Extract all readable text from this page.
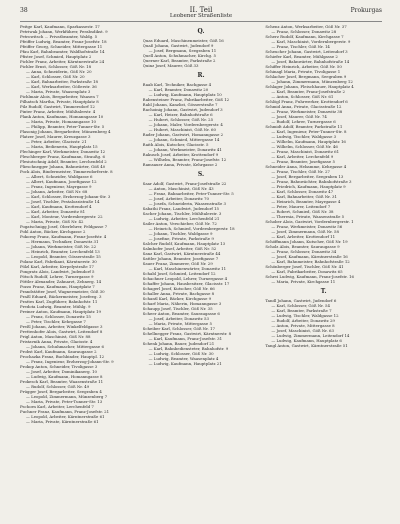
38	II. Teil
Leobener Straßenliste
Prokurgas
Peitge Karl, Kaufmann, Sparkassestr. 17
Petriwak Johann, Werkführer, Perabsdikst. 9
Petrowitsch ... Privatbeamter, Waldg. 5
Pfeiffer Ludwig, Beamter, Franz-Josefstr. 18
Pfeiffer Georg, Schneider, Mittergasse 11
Pfau Karl, Bahnbeamter, Waldhofstraße 14
Pfister Josef, Schmied, Hauptplatz 2
Pichler Franz, Arbeiter, Kärntnerstraße 24
Pichler Ernst, Schlosser, Göß Nr. 18
— Anna, Schneiderin, Göß Nr. 20
— Karl, Schlosser, Göß Nr. 20
— Karl, Bahnarbeiter, Parkstraße 18
— Karl, Werksarbeiter, Gößerstr. 36
— Maria, Private, Waasenplatz 3
Pichlmair Alois, Bergarbeiter, Waasen 7
Pilhatsch Martha, Private, Hauptplatz 8
Pilz Rudolf, Gastwirt, Timmersdorf 12
Pinter Franz, Arbeiter, Mühltalerstr. 4
Plank Anton, Kaufmann, Homanngasse 10
— Maria, Private, Homanngasse 10
— Philipp, Beamter, Peter-Tunner-Str. 5
Plasonig Johann, Bergarbeiter, Münzenberg 4
Platzer Josef, Maurer, Kreuzgasse 3
— Peter, Arbeiter, Glacisstr. 21
— Maria, Bedienerin, Hauptplatz 15
Plechinger Karl, Werkmeister, Donawitz 12
Pleschberger Franz, Kaufmann, Straußg. 6
Plesiutschnig Adolf, Beamter, Lerchenfeld 2
Plieschnegger Johann, Bahnwärter, Göß 40
Pock Alois, Bindermeister, Timmersdorferstr. 8
— Albert, Schneider, Waldgasse 6
— Albert, Kaufmann, Josefigasse 12
— Franz, Ingenieur, Mayrgasse 9
— Johann, Arbeiter, Göß Nr. 68
— Karl, Schlosser, Erzherzog-Johann-Str. 3
— Josef, Tischler, Pestalozzistraße 14
— Karl, Kaufmann, Krottendorf 4
— Karl, Arbeiter, Donawitz 81
— Karl, Monteur, Vordernbergerstr. 22
— Maria, Private, Göß Nr. 42
Pogatschnigg Josef, Oberlehrer, Feldgasse 7
Pohl Anton, Bäcker, Kirchgasse 2
Pokorny Franz, Kaufmann, Franz-Josefstr. 4
— Hermann, Techniker, Donawitz 31
— Johann, Werkmeister, Göß Nr. 22
— Heinrich, Beamter, Lerchenfeld 13
— Leopold, Beamter, Gösserstraße 15
Polanz Karl, Fabrikant, Kärntnerstr. 30
Pölzl Karl, Arbeiter, Kerpelystraße 17
Pongratz Alois, Landwirt, Judendorf 5
Pötsch Rudolf, Lehrer, Turnergasse 9
Pöttler Alexander, Zahnarzt, Zehnerg. 14
Pozzo Franz, Kaufmann, Hauptplatz 7
Prandstätter Josef, Wagnermeister, Göß 30
Praßl Eduard, Bäckermeister, Josefeeg. 3
Prattes Karl, Zugführer, Bahnhofstr. 11
Predota Ludwig, Beamter, Mühlg. 9
Preiner Anton, Kaufmann, Hauptplatz 19
— Franz, Schlosser, Donawitz 15
— Peter, Tischler, Kehrgasse 7
Preßl Johann, Arbeiter, Winkelfeldgasse 3
Prettenhofer Alois, Gastwirt, Leitendorf 8
Prigl Anton, Maschinist, Göß Nr. 88
Pristavnik Anna, Private, Glacisstr. 4
— Johann, Schuhmacher, Mittergasse 6
Probst Karl, Kaufmann, Sauraugasse 2
Prochazka Franz, Buchbinder, Hauptpl. 12
— Franz, Ingenieur, Erzherzog-Johann-Str. 9
Prokop Anton, Schneider, Tivoligasse 3
— Josef, Arbeiter, Dominikanerg. 10
— Ludwig, Kaufmann, Homanngasse 8
Prokesch Karl, Beamter, Waasenstraße 11
— Rudolf, Schlosser, Göß Nr. 49
Prügger Josef, Bergarbeiter, Seegraben 4
— Leopold, Zimmermann, Münzenberg 7
— Maria, Private, Peter-Tunner-Str. 13
Pschorn Karl, Arbeiter, Lerchenfeld 7
Puchner Franz, Kaufmann, Franz-Josefstr. 21
— Leopold, Arbeiter, Kärntnerstraße 61
— Maria, Private, Kärntnerstraße 61
Q.
Quas Eduard, Maschinenmeister, Göß 16
Quaß Johann, Gastwirt, Judendorf 9
— Josef, Bergmann, Seegraben 11
Quell Anton, Schuhmacher, Kirchg. 5
Querner Karl, Beamter, Parkstraße 2
Quinz Josef, Maurer, Göß 33
R.
Raab Karl, Techniker, Bachgasse 4
— Karl, Beamter, Donawitz 20
— Ludwig, Kaufmann, Hauptplatz 10
Rabensteiner Franz, Fabrikarbeiter, Göß 12
Rabl Johann, Kanzlist, Gösserstraße 7
Rachoinig Johann, Gastwirt, Judendorf 3
— Karl, Heizer, Bahnhofstraße 6
— Hubert, Schlosser, Göß Nr. 25
— Johann, Maler, Vordernbergerstr. 4
— Hubert, Maschinist, Göß Nr. 60
Rader Johann, Gastwirt, Homanngasse 2
— Johann, Schmied, Mittergasse 14
Raith Alois, Kutscher, Glacisstr. 5
— Johann, Werkmeister, Donawitz 41
Rakusch Josef, Arbeiter, Krottendorf 9
— Wilhelm, Beamter, Franz-Josefstr. 12
Ramsauer Anna, Private, Kehrgasse 2
S.
Saar Adolf, Gastwirt, Franz-Josefstraße 22
— Anton, Maschinist, Göß Nr. 43
— Franz, Bahnarbeiter, Peter-Tunner-Str. 5
— Josef, Arbeiter, Donawitz 70
— Josefa, Schneiderin, Waasenstraße 3
Sabathi Franz, Landwirt, Judendorf 15
Sacher Johann, Tischler, Mühltalerstr. 3
— Ludwig, Arbeiter, Lerchenfeld 21
Sailer Anton, Verschieber, Göß Nr. 72
— Heinrich, Schmied, Vordernbergerstr. 18
— Johann, Tischler, Waldgasse 9
— Josefine, Private, Parkstraße 9
Salcher Rudolf, Kaufmann, Hauptplatz 13
Salmhofer Josef, Arbeiter, Göß Nr. 52
Sanz Karl, Gastwirt, Kärntnerstraße 44
Sattler Johann, Beamter, Josefigasse 7
Sauer Franz, Zimmerer, Göß Nr. 29
— Karl, Maschinenwärter, Donawitz 11
Schabl Josef, Schmied, Leitendorf 12
Schachner Leopold, Lehrer, Turnergasse 4
Schaffer Johann, Hausbesitzer, Glacisstr. 17
Schagerl Josef, Kutscher, Göß Nr. 66
Schaller Anna, Private, Bachgasse 8
Schantl Karl, Bäcker, Kirchgasse 9
Scharf Maria, Näherin, Homanngasse 3
Schaupp Josef, Tischler, Göß Nr. 35
Scheer Anton, Beamter, Sauraugasse 6
— Josef, Arbeiter, Donawitz 53
— Maria, Private, Mittergasse 5
Scheiber Karl, Schlosser, Göß Nr. 17
Schellnegger Franz, Gastwirt, Kärntnerstr. 8
— Karl, Kaufmann, Franz-Josefstr. 31
Schenk Johann, Bauer, Judendorf 21
— Karl, Bahnbediensteter, Bahnhofstr. 9
— Ludwig, Schlosser, Göß Nr. 30
— Ludwig, Beamter, Waasenplatz 4
— Ludwig, Kaufmann, Hauptplatz 21
Schenz Anton, Werksarbeiter, Göß Nr. 37
— Franz, Schlosser, Donawitz 28
Scherz Rudolf, Kaufmann, Kirchgasse 7
— Karl, Maschinist, Vordernbergerstr. 9
— Franz, Tischler, Göß Nr. 14
Scheucher Johann, Gastwirt, Leitendorf 3
Schiefer Karl, Beamter, Mühlgasse 2
— Josef, Bahnwärter, Bahnhofstraße 14
Schiffer Heinrich, Arbeiter, Göß Nr. 50
Schinagl Maria, Private, Tivoligasse 1
Schlacher Josef, Bergmann, Seegraben 9
— Johann, Zimmermann, Münzenberg 12
Schlager Johann, Fleischhauer, Hauptplatz 4
— Karl, Beamter, Franz-Josefstraße 2
— Anton, Schlosser, Göß Nr. 61
Schlögl Franz, Fuhrwerker, Krottendorf 6
Schmid Anna, Private, Glacisstraße 12
— Franz, Werkmeister, Donawitz 38
— Josef, Maurer, Göß Nr. 74
— Rudolf, Lehrer, Turnergasse 6
Schmidt Adolf, Beamter, Parkstraße 11
— Karl, Ingenieur, Peter-Tunner-Str. 8
— Ludwig, Tischler, Waldgasse 3
— Wilhelm, Kaufmann, Hauptplatz 16
— Wilhelm, Schlosser, Göß Nr. 46
— Franz, Maschinist, Donawitz 61
— Karl, Arbeiter, Lerchenfeld 9
— Franz, Beamter, Josefigasse 5
Schneider Anna, Hebamme, Kehrgasse 4
— Franz, Tischler, Göß Nr. 27
— Josef, Bergarbeiter, Seegraben 13
— Franz, Bahnwächter, Bahnhofstraße 3
— Friedrich, Kaufmann, Hauptplatz 9
— Karl, Schlosser, Donawitz 47
— Karl, Bahnarbeiter, Göß Nr. 31
— Heinrich, Beamter, Mayrgasse 4
— Peter, Maurer, Leitendorf 7
— Robert, Schmied, Göß Nr. 38
— Theresia, Private, Waasenstraße 5
Schober Alois, Gastwirt, Vordernbergerstr. 1
— Franz, Werkmeister, Donawitz 56
— Josef, Zimmermann, Göß Nr. 58
— Karl, Arbeiter, Krottendorf 11
Schöffmann Johann, Kutscher, Göß Nr. 19
Scholz Alois, Beamter, Sauraugasse 9
— Franz, Schlosser, Donawitz 34
— Josef, Kaufmann, Kärntnerstraße 16
— Karl, Bahnmeister, Bahnhofstraße 12
Schönberger Josef, Tischler, Göß Nr. 41
— Karl, Fabrikarbeiter, Donawitz 65
Schrei Ludwig, Kaufmann, Franz-Josefstr. 16
— Maria, Private, Kirchgasse 11
T.
Tandl Johann, Gastwirt, Judendorf 6
— Karl, Schlosser, Göß Nr. 54
— Karl, Beamter, Parkstraße 7
— Ludwig, Tischler, Waldgasse 12
— Rudolf, Arbeiter, Donawitz 29
— Anton, Private, Mittergasse 8
— Josef, Maschinist, Göß Nr. 63
— Ludwig, Zimmermann, Leitendorf 14
— Ludwig, Kaufmann, Hauptplatz 6
Tangl Anton, Gastwirt, Kärntnerstraße 51
